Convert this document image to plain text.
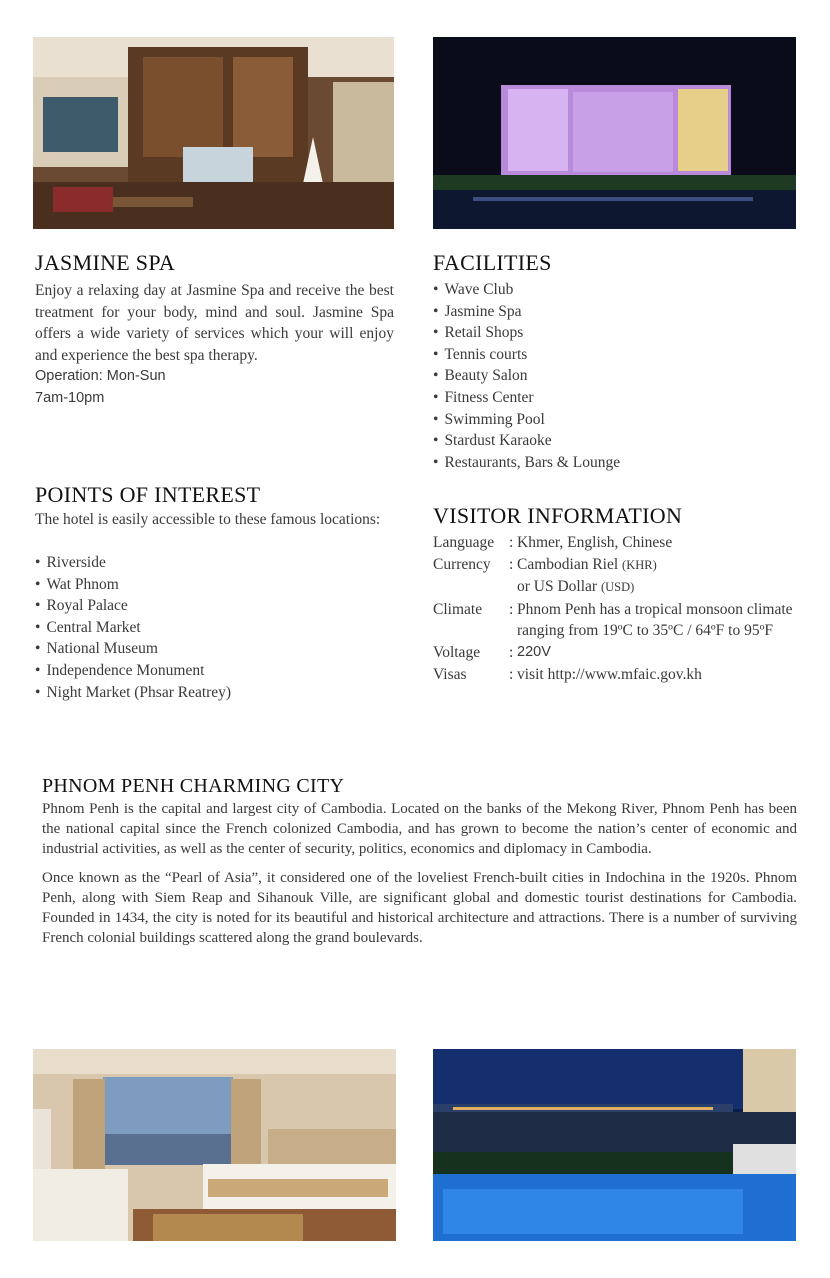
JASMINE SPA

Enjoy a relaxing day at Jasmine Spa and receive the best treatment for your body, mind and soul. Jasmine Spa offers a wide variety of services which your will enjoy and experience the best spa therapy.

Operation: Mon-Sun
7am-10pm
FACILITIES
• Wave Club
• Jasmine Spa
• Retail Shops
• Tennis courts
• Beauty Salon
• Fitness Center
• Swimming Pool
• Stardust Karaoke
• Restaurants, Bars & Lounge
POINTS OF INTEREST

The hotel is easily accessible to these famous locations:

• Riverside
• Wat Phnom
• Royal Palace
• Central Market
• National Museum
• Independence Monument
• Night Market (Phsar Reatrey)
VISITOR INFORMATION
Language	:	Khmer, English, Chinese
Currency	:	Cambodian Riel (KHR)
or US Dollar (USD)
Climate	:	Phnom Penh has a tropical monsoon climate ranging from 19ºC to 35ºC / 64ºF to 95ºF
Voltage	:	220V
Visas	:	visit http://www.mfaic.gov.kh
PHNOM PENH CHARMING CITY

Phnom Penh is the capital and largest city of Cambodia. Located on the banks of the Mekong River, Phnom Penh has been the national capital since the French colonized Cambodia, and has grown to become the nation’s center of economic and industrial activities, as well as the center of security, politics, economics and diplomacy in Cambodia.

Once known as the “Pearl of Asia”, it considered one of the loveliest French-built cities in Indochina in the 1920s. Phnom Penh, along with Siem Reap and Sihanouk Ville, are significant global and domestic tourist destinations for Cambodia. Founded in 1434, the city is noted for its beautiful and historical architecture and attractions. There is a number of surviving French colonial buildings scattered along the grand boulevards.
